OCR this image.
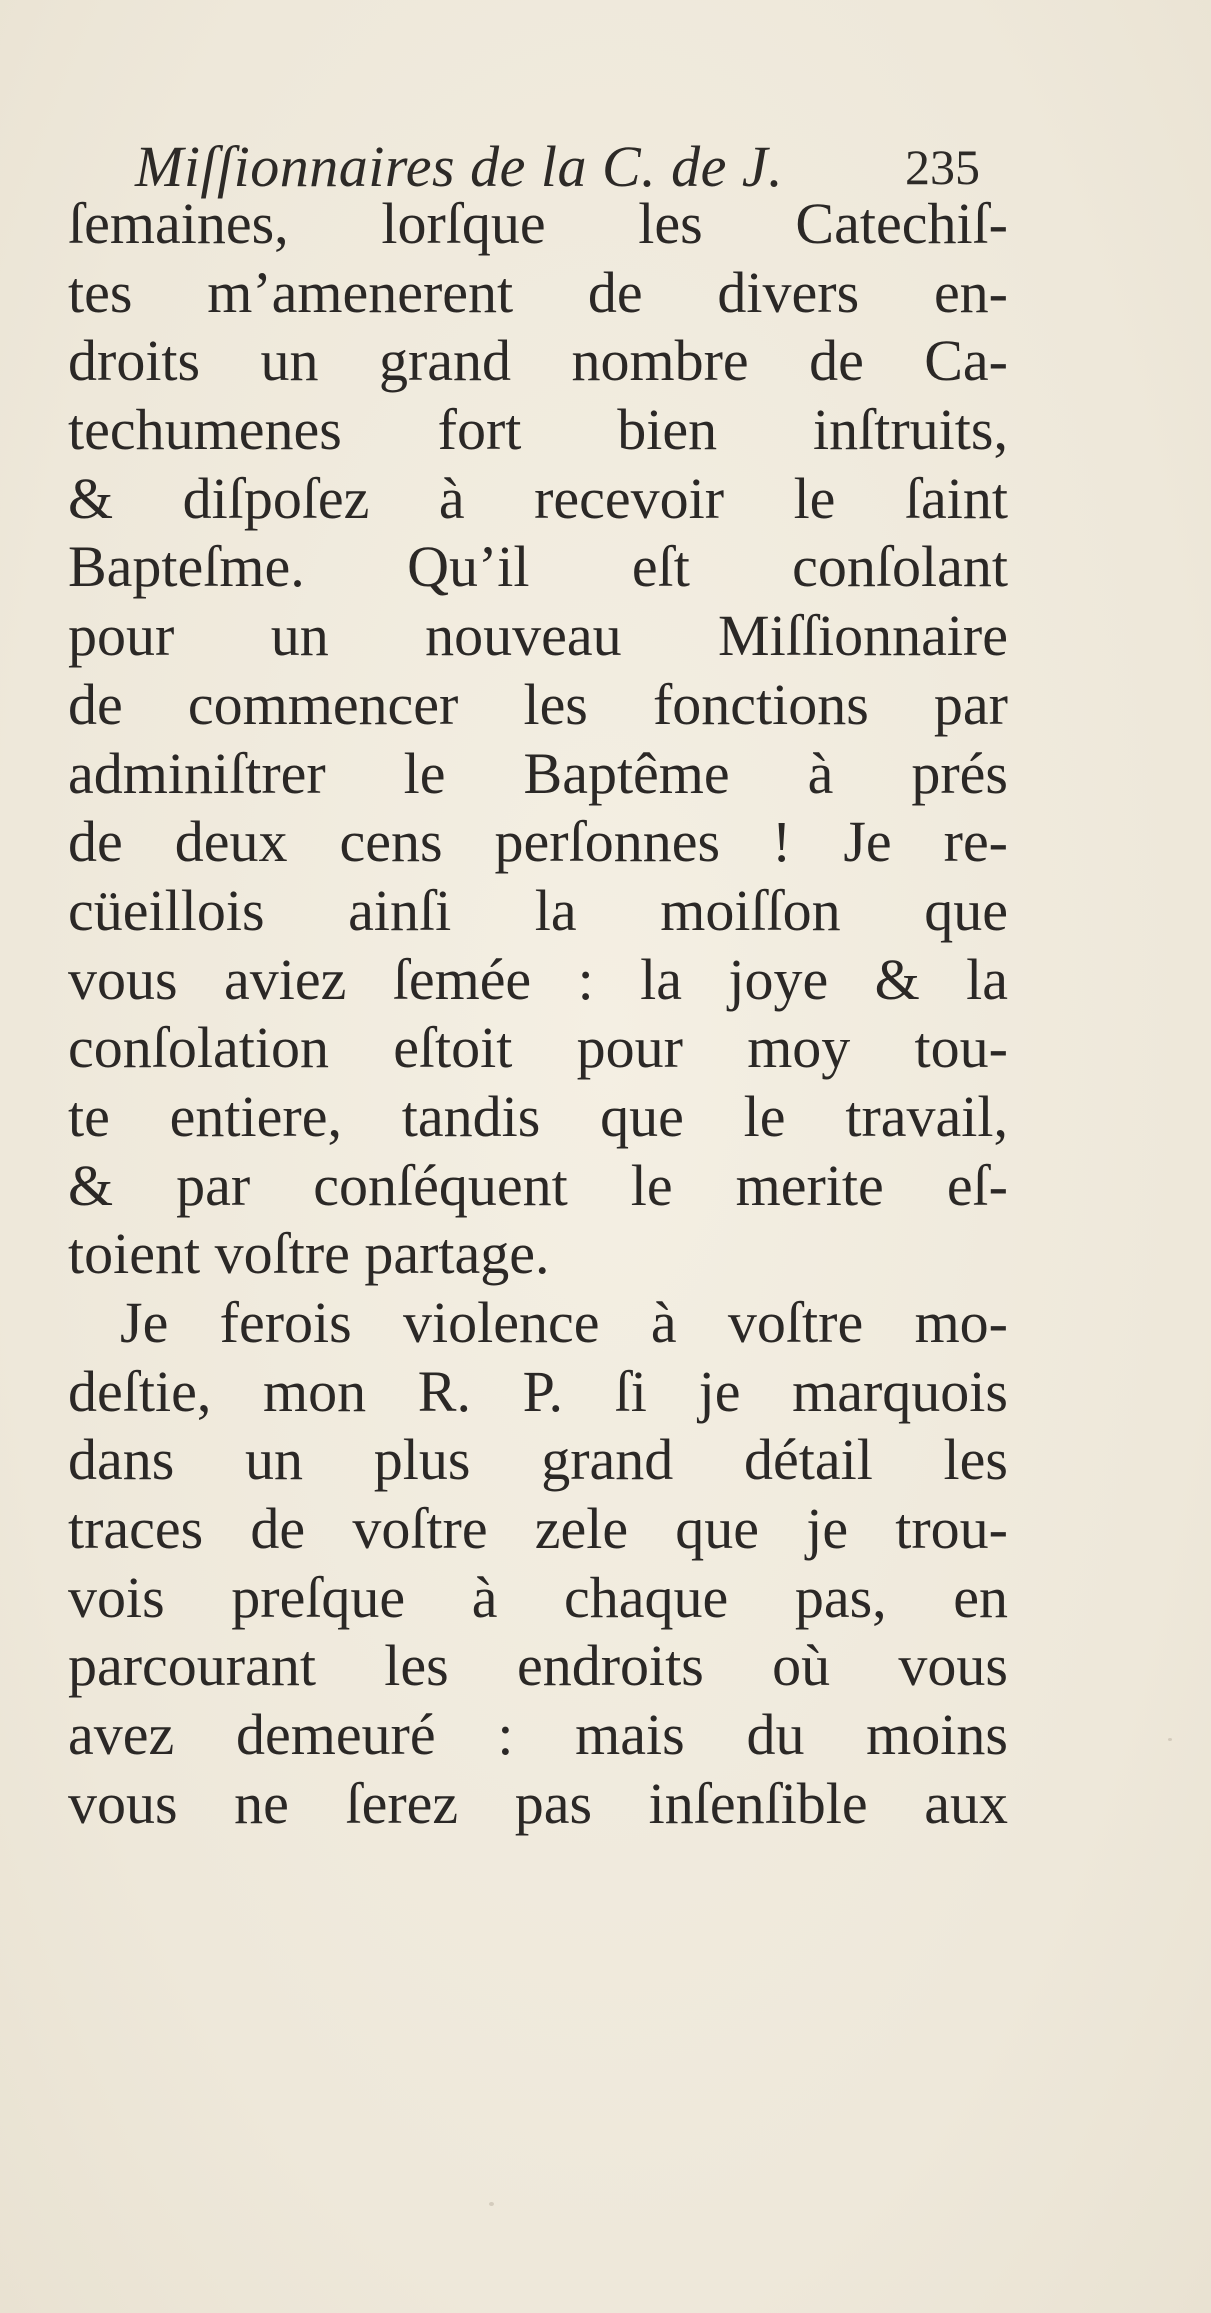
Miſſionnaires de la C. de J. 235
ſemaines, lorſque les Catechiſ-
tes m’amenerent de divers en-
droits un grand nombre de Ca-
techumenes fort bien inſtruits,
& diſpoſez à recevoir le ſaint
Bapteſme. Qu’il eſt conſolant
pour un nouveau Miſſionnaire
de commencer les fonctions par
adminiſtrer le Baptême à prés
de deux cens perſonnes ! Je re-
cüeillois ainſi la moiſſon que
vous aviez ſemée : la joye & la
conſolation eſtoit pour moy tou-
te entiere, tandis que le travail,
& par conſéquent le merite eſ-
toient voſtre partage.
Je ferois violence à voſtre mo-
deſtie, mon R. P. ſi je marquois
dans un plus grand détail les
traces de voſtre zele que je trou-
vois preſque à chaque pas, en
parcourant les endroits où vous
avez demeuré : mais du moins
vous ne ſerez pas inſenſible aux
